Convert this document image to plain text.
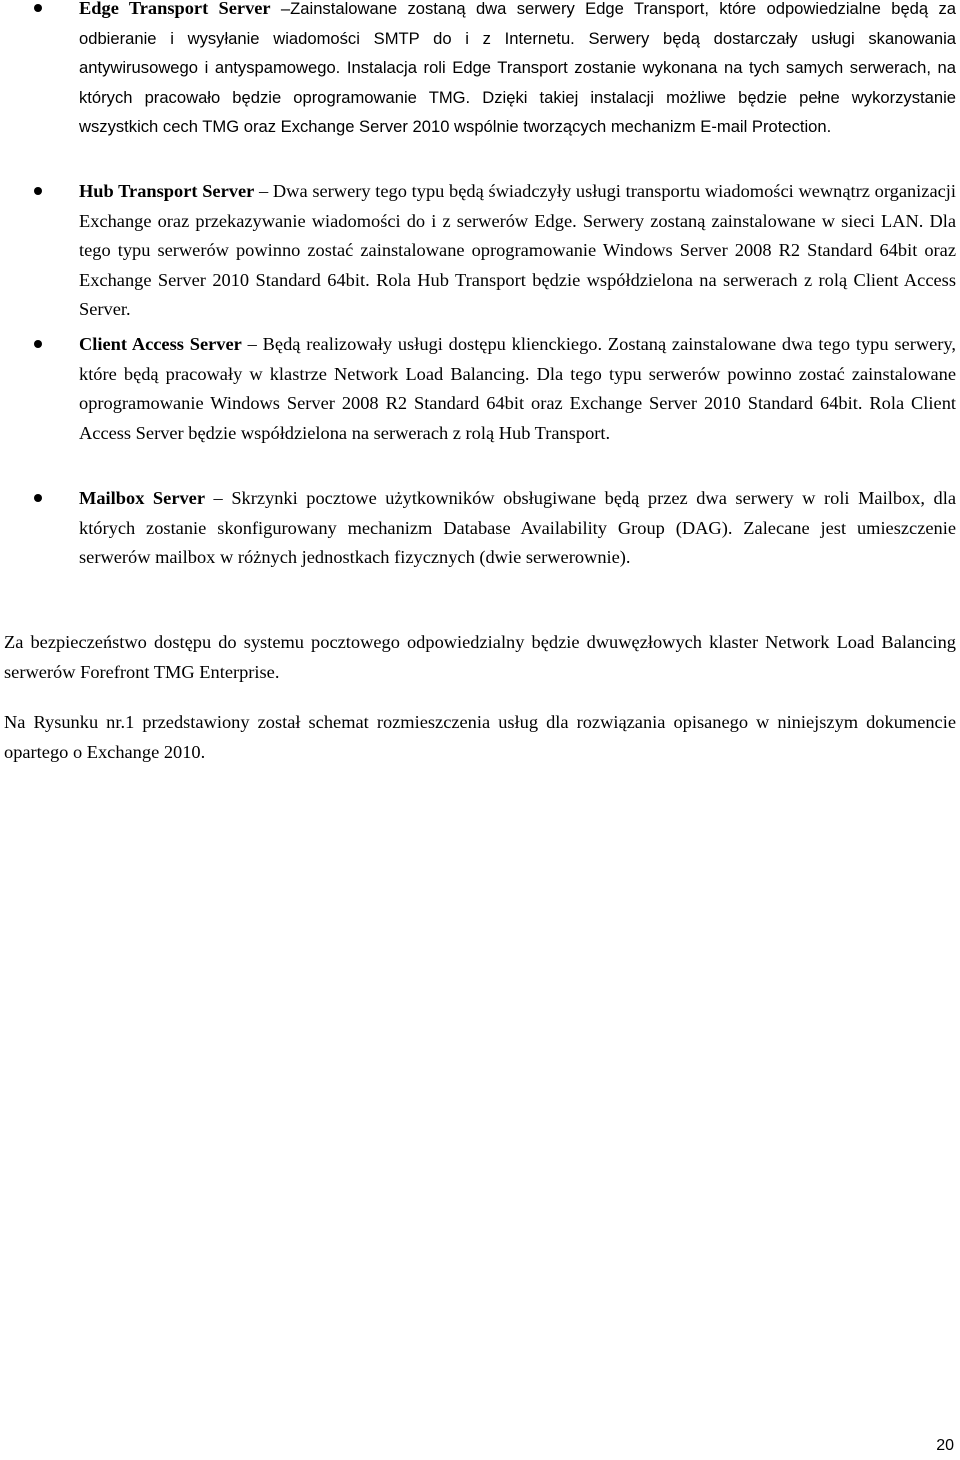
Edge Transport Server –Zainstalowane zostaną dwa serwery Edge Transport, które odpowiedzialne będą za odbieranie i wysyłanie wiadomości SMTP do i z Internetu. Serwery będą dostarczały usługi skanowania antywirusowego i antyspamowego. Instalacja roli Edge Transport zostanie wykonana na tych samych serwerach, na których pracowało będzie oprogramowanie TMG. Dzięki takiej instalacji możliwe będzie pełne wykorzystanie wszystkich cech TMG oraz Exchange Server 2010 wspólnie tworzących mechanizm E-mail Protection.
Hub Transport Server – Dwa serwery tego typu będą świadczyły usługi transportu wiadomości wewnątrz organizacji Exchange oraz przekazywanie wiadomości do i z serwerów Edge. Serwery zostaną zainstalowane w sieci LAN. Dla tego typu serwerów powinno zostać zainstalowane oprogramowanie Windows Server 2008 R2 Standard 64bit oraz Exchange Server 2010 Standard 64bit. Rola Hub Transport będzie współdzielona na serwerach z rolą Client Access Server.
Client Access Server – Będą realizowały usługi dostępu klienckiego. Zostaną zainstalowane dwa tego typu serwery, które będą pracowały w klastrze Network Load Balancing. Dla tego typu serwerów powinno zostać zainstalowane oprogramowanie Windows Server 2008 R2 Standard 64bit oraz Exchange Server 2010 Standard 64bit. Rola Client Access Server będzie współdzielona na serwerach z rolą Hub Transport.
Mailbox Server – Skrzynki pocztowe użytkowników obsługiwane będą przez dwa serwery w roli Mailbox, dla których zostanie skonfigurowany mechanizm Database Availability Group (DAG). Zalecane jest umieszczenie serwerów mailbox w różnych jednostkach fizycznych (dwie serwerownie).

Za bezpieczeństwo dostępu do systemu pocztowego odpowiedzialny będzie dwuwęzłowych klaster Network Load Balancing serwerów Forefront TMG Enterprise.

Na Rysunku nr.1 przedstawiony został schemat rozmieszczenia usług dla rozwiązania opisanego w niniejszym dokumencie opartego o Exchange 2010.

20
